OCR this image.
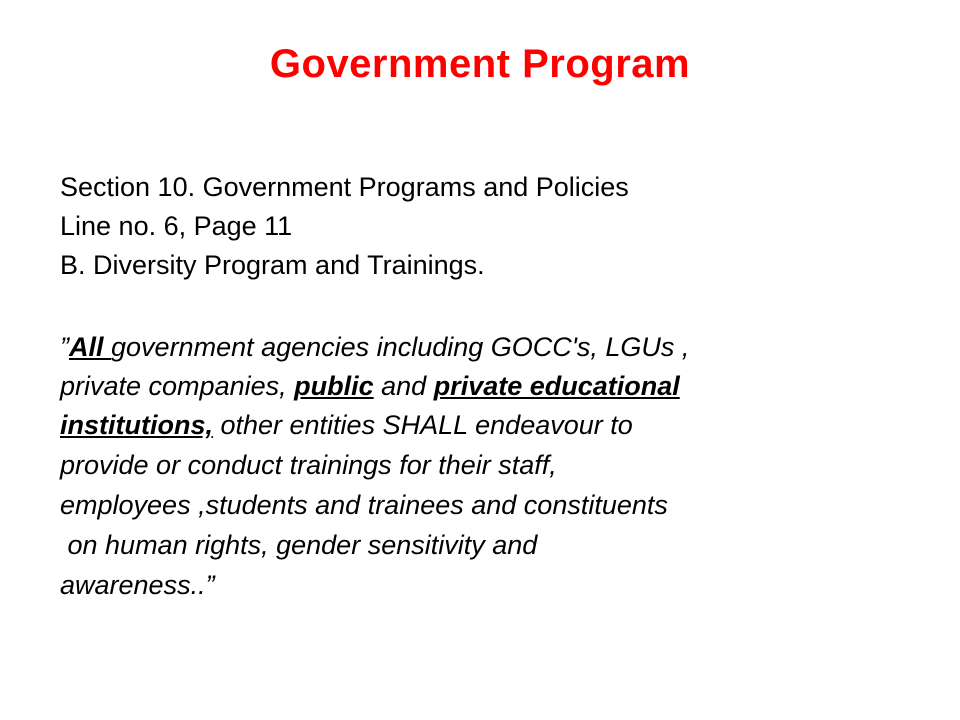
Government Program
Section 10. Government Programs and Policies
Line no. 6, Page 11
B. Diversity Program and Trainings.
”All government agencies including GOCC's, LGUs ,
private companies, public and private educational
institutions, other entities SHALL endeavour to
provide or conduct trainings for their staff,
employees ,students and trainees and constituents
on human rights, gender sensitivity and
awareness..”
